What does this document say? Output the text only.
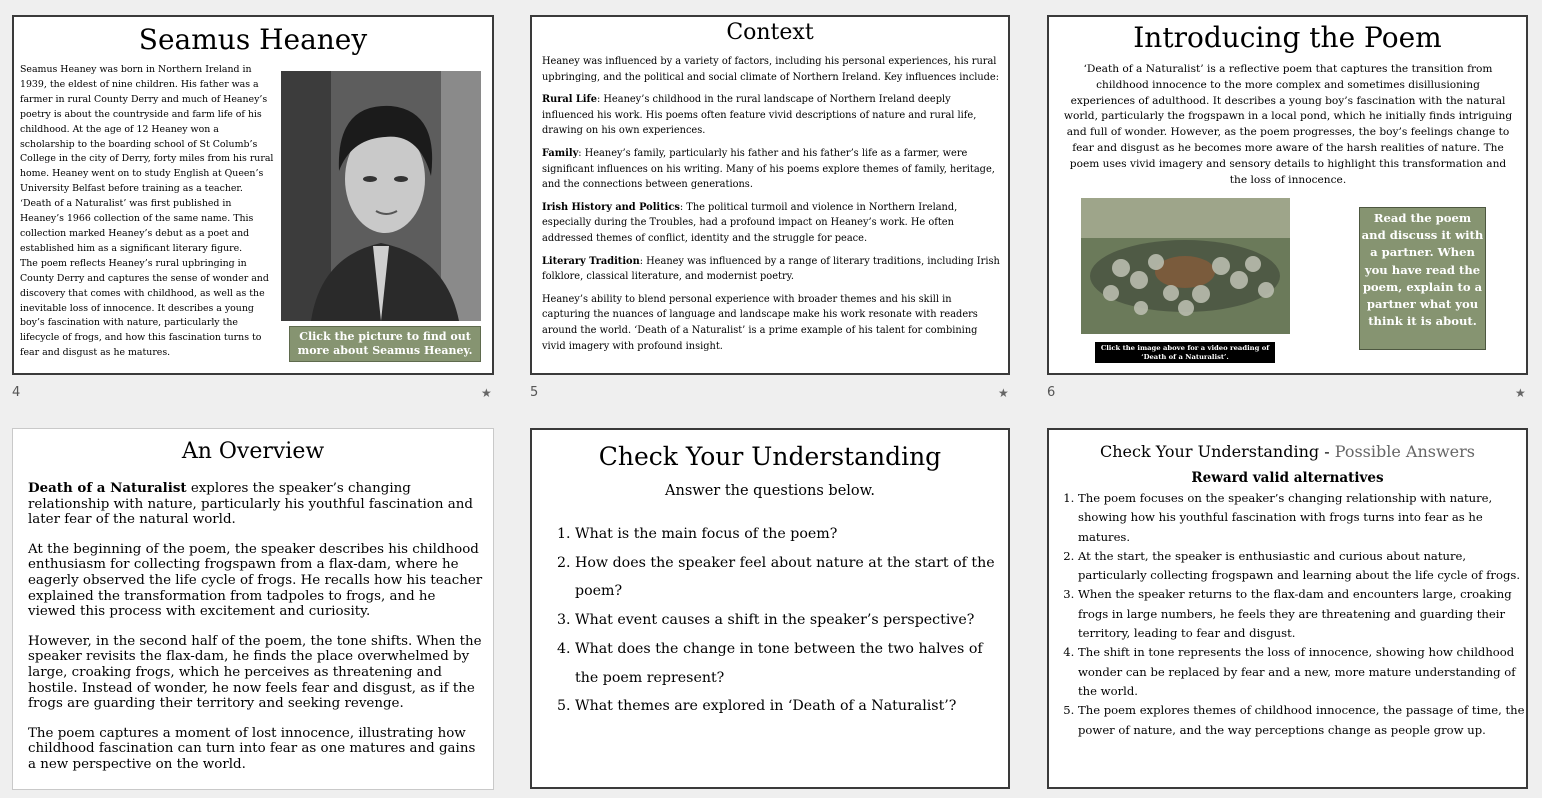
Seamus Heaney

Seamus Heaney was born in Northern Ireland in 1939, the eldest of nine children. His father was a farmer in rural County Derry and much of Heaney’s poetry is about the countryside and farm life of his childhood. At the age of 12 Heaney won a scholarship to the boarding school of St Columb’s College in the city of Derry, forty miles from his rural home. Heaney went on to study English at Queen’s University Belfast before training as a teacher.

‘Death of a Naturalist’ was first published in Heaney’s 1966 collection of the same name. This collection marked Heaney’s debut as a poet and established him as a significant literary figure.

The poem reflects Heaney’s rural upbringing in County Derry and captures the sense of wonder and discovery that comes with childhood, as well as the inevitable loss of innocence. It describes a young boy’s fascination with nature, particularly the lifecycle of frogs, and how this fascination turns to fear and disgust as he matures.

Click the picture to find out more about Seamus Heaney.
4	★
Context

Heaney was influenced by a variety of factors, including his personal experiences, his rural upbringing, and the political and social climate of Northern Ireland. Key influences include:

Rural Life: Heaney’s childhood in the rural landscape of Northern Ireland deeply influenced his work. His poems often feature vivid descriptions of nature and rural life, drawing on his own experiences.

Family: Heaney’s family, particularly his father and his father’s life as a farmer, were significant influences on his writing. Many of his poems explore themes of family, heritage, and the connections between generations.

Irish History and Politics: The political turmoil and violence in Northern Ireland, especially during the Troubles, had a profound impact on Heaney’s work. He often addressed themes of conflict, identity and the struggle for peace.

Literary Tradition: Heaney was influenced by a range of literary traditions, including Irish folklore, classical literature, and modernist poetry.

Heaney’s ability to blend personal experience with broader themes and his skill in capturing the nuances of language and landscape make his work resonate with readers around the world. ‘Death of a Naturalist’ is a prime example of his talent for combining vivid imagery with profound insight.

5	★
Introducing the Poem
‘Death of a Naturalist’ is a reflective poem that captures the transition from childhood innocence to the more complex and sometimes disillusioning experiences of adulthood. It describes a young boy’s fascination with the natural world, particularly the frogspawn in a local pond, which he initially finds intriguing and full of wonder. However, as the poem progresses, the boy’s feelings change to fear and disgust as he becomes more aware of the harsh realities of nature. The poem uses vivid imagery and sensory details to highlight this transformation and the loss of innocence.
Click the image above for a video reading of ‘Death of a Naturalist’.
Read the poem and discuss it with a partner. When you have read the poem, explain to a partner what you think it is about.
6	★
An Overview

Death of a Naturalist explores the speaker’s changing relationship with nature, particularly his youthful fascination and later fear of the natural world.

At the beginning of the poem, the speaker describes his childhood enthusiasm for collecting frogspawn from a flax-dam, where he eagerly observed the life cycle of frogs. He recalls how his teacher explained the transformation from tadpoles to frogs, and he viewed this process with excitement and curiosity.

However, in the second half of the poem, the tone shifts. When the speaker revisits the flax-dam, he finds the place overwhelmed by large, croaking frogs, which he perceives as threatening and hostile. Instead of wonder, he now feels fear and disgust, as if the frogs are guarding their territory and seeking revenge.

The poem captures a moment of lost innocence, illustrating how childhood fascination can turn into fear as one matures and gains a new perspective on the world.

Check Your Understanding
Answer the questions below.
1. What is the main focus of the poem?
2. How does the speaker feel about nature at the start of the poem?
3. What event causes a shift in the speaker’s perspective?
4. What does the change in tone between the two halves of the poem represent?
5. What themes are explored in ‘Death of a Naturalist’?
Check Your Understanding - Possible Answers
Reward valid alternatives
1. The poem focuses on the speaker’s changing relationship with nature, showing how his youthful fascination with frogs turns into fear as he matures.
2. At the start, the speaker is enthusiastic and curious about nature, particularly collecting frogspawn and learning about the life cycle of frogs.
3. When the speaker returns to the flax-dam and encounters large, croaking frogs in large numbers, he feels they are threatening and guarding their territory, leading to fear and disgust.
4. The shift in tone represents the loss of innocence, showing how childhood wonder can be replaced by fear and a new, more mature understanding of the world.
5. The poem explores themes of childhood innocence, the passage of time, the power of nature, and the way perceptions change as people grow up.
